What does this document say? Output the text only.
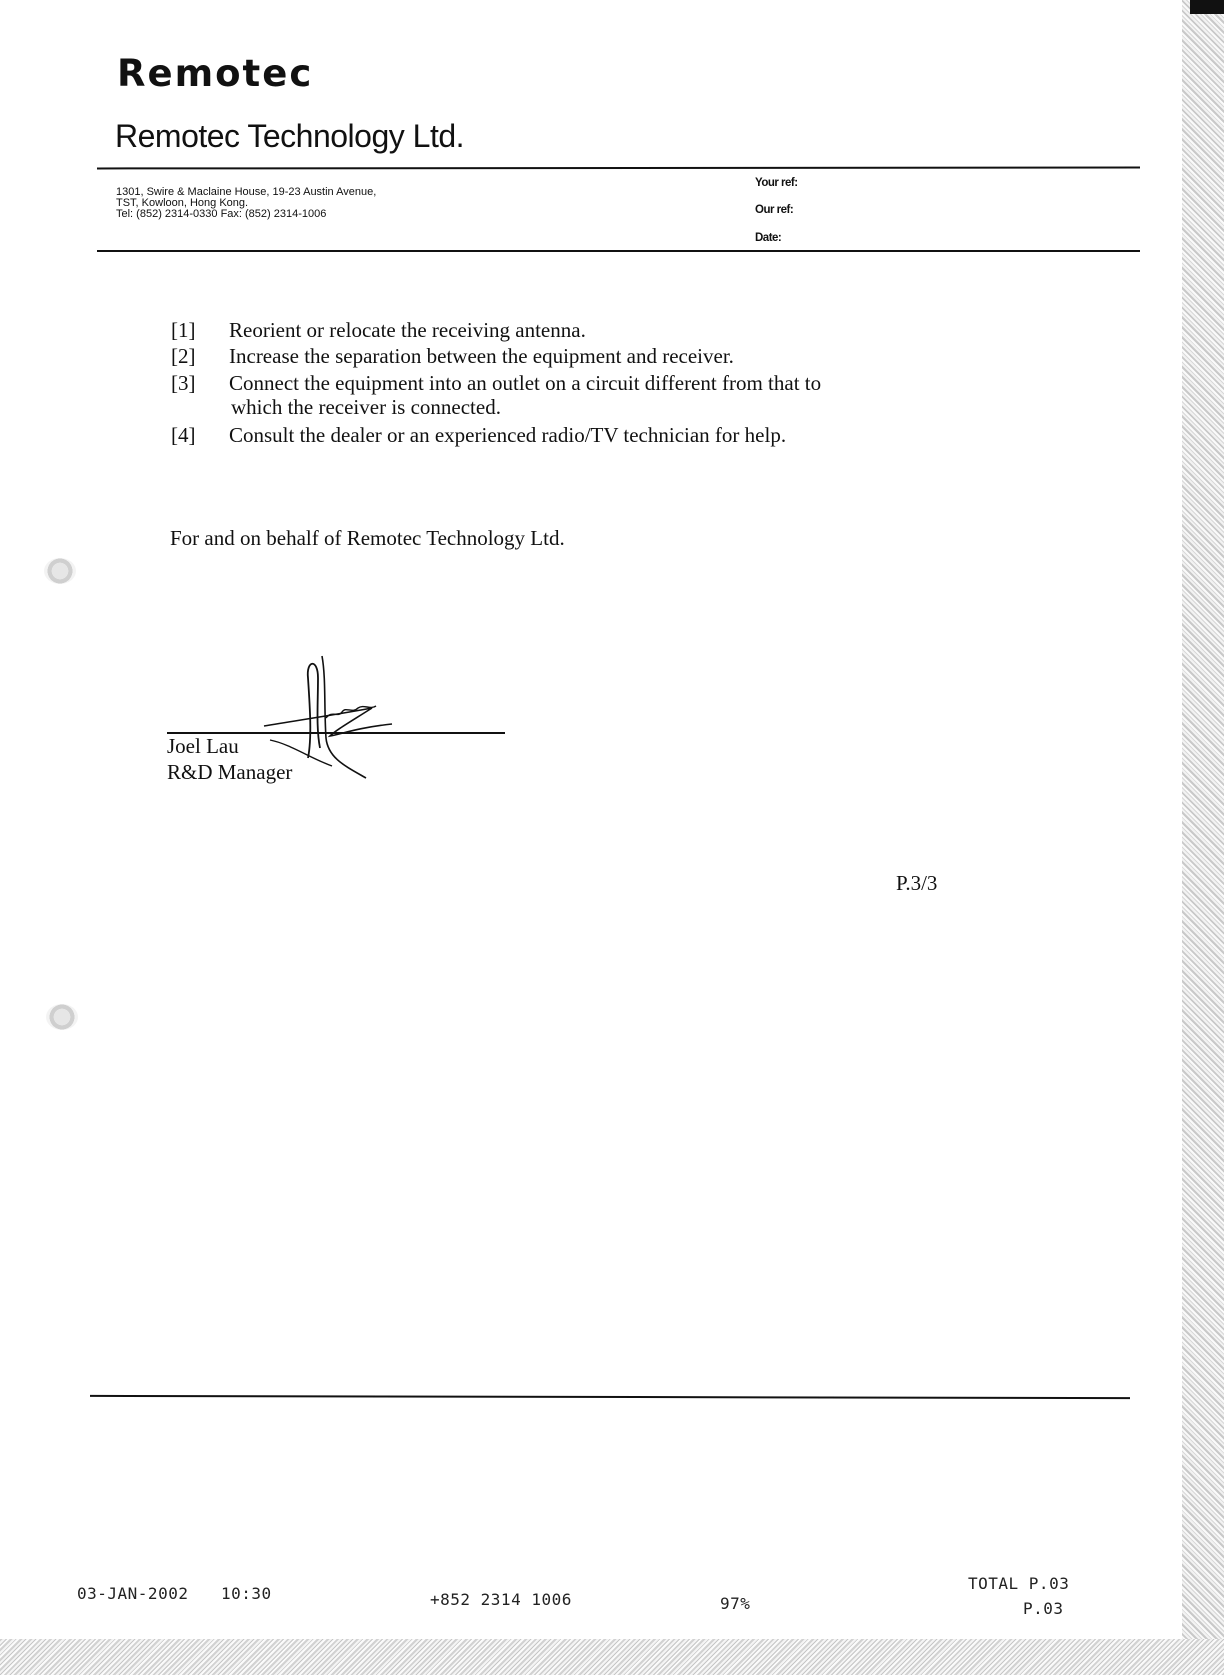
Remotec
Remotec Technology Ltd.
1301, Swire & Maclaine House, 19-23 Austin Avenue,
TST, Kowloon, Hong Kong.
Tel: (852) 2314-0330 Fax: (852) 2314-1006
Your ref:
Our ref:
Date:
[1] Reorient or relocate the receiving antenna.
[2] Increase the separation between the equipment and receiver.
[3] Connect the equipment into an outlet on a circuit different from that to
which the receiver is connected.
[4] Consult the dealer or an experienced radio/TV technician for help.
For and on behalf of Remotec Technology Ltd.
Joel Lau
R&D Manager
P.3/3
03-JAN-2002 10:30	+852 2314 1006	97%
TOTAL P.03
P.03
